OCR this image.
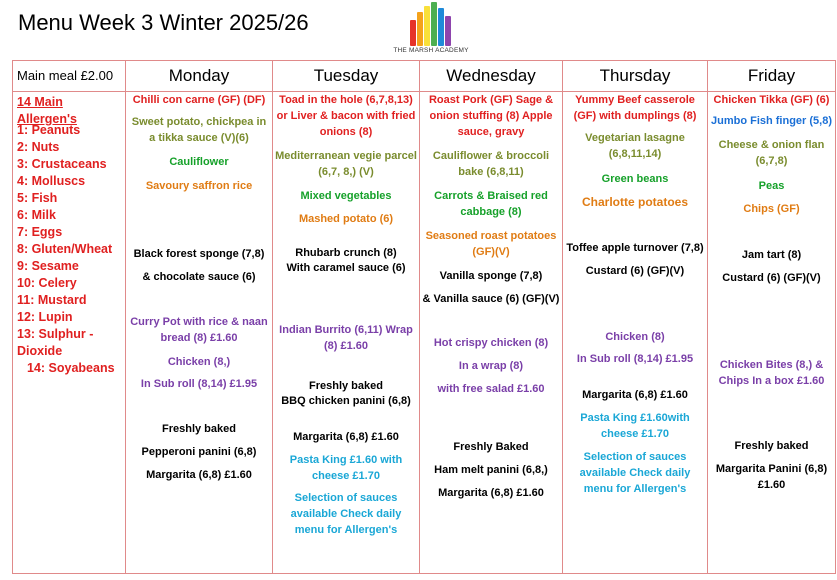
Menu Week 3 Winter 2025/26
THE MARSH ACADEMY
Main meal £2.00
14 Main Allergen's
1: Peanuts
2: Nuts
3: Crustaceans
4: Molluscs
5: Fish
6: Milk
7: Eggs
8: Gluten/Wheat
9: Sesame
10: Celery
11: Mustard
12: Lupin
13: Sulphur -
Dioxide
14: Soyabeans
Monday
Chilli con carne (GF) (DF)
Sweet potato, chickpea in a tikka sauce (V)(6)
Cauliflower
Savoury saffron rice
Black forest sponge (7,8)
& chocolate sauce (6)
Curry Pot with rice & naan bread (8) £1.60
Chicken (8,)
In Sub roll (8,14) £1.95
Freshly baked
Pepperoni panini (6,8)
Margarita (6,8) £1.60
Tuesday
Toad in the hole (6,7,8,13) or Liver & bacon with fried onions (8)
Mediterranean vegie parcel (6,7, 8,) (V)
Mixed vegetables
Mashed potato (6)
Rhubarb crunch (8)
With caramel sauce (6)
Indian Burrito (6,11) Wrap (8) £1.60
Freshly baked
BBQ chicken panini (6,8)
Margarita (6,8) £1.60
Pasta King £1.60 with cheese £1.70
Selection of sauces available Check daily menu for Allergen's
Wednesday
Roast Pork (GF) Sage & onion stuffing (8) Apple sauce, gravy
Cauliflower & broccoli bake (6,8,11)
Carrots & Braised red cabbage (8)
Seasoned roast potatoes (GF)(V)
Vanilla sponge (7,8)
& Vanilla sauce (6) (GF)(V)
Hot crispy chicken (8)
In a wrap (8)
with free salad £1.60
Freshly Baked
Ham melt panini (6,8,)
Margarita (6,8) £1.60
Thursday
Yummy Beef casserole (GF) with dumplings (8)
Vegetarian lasagne (6,8,11,14)
Green beans
Charlotte potatoes
Toffee apple turnover (7,8)
Custard (6) (GF)(V)
Chicken (8)
In Sub roll (8,14) £1.95
Margarita (6,8) £1.60
Pasta King £1.60with cheese £1.70
Selection of sauces available Check daily menu for Allergen's
Friday
Chicken Tikka (GF) (6)
Jumbo Fish finger (5,8)
Cheese & onion flan (6,7,8)
Peas
Chips (GF)
Jam tart (8)
Custard (6) (GF)(V)
Chicken Bites (8,) & Chips In a box £1.60
Freshly baked
Margarita Panini (6,8) £1.60
